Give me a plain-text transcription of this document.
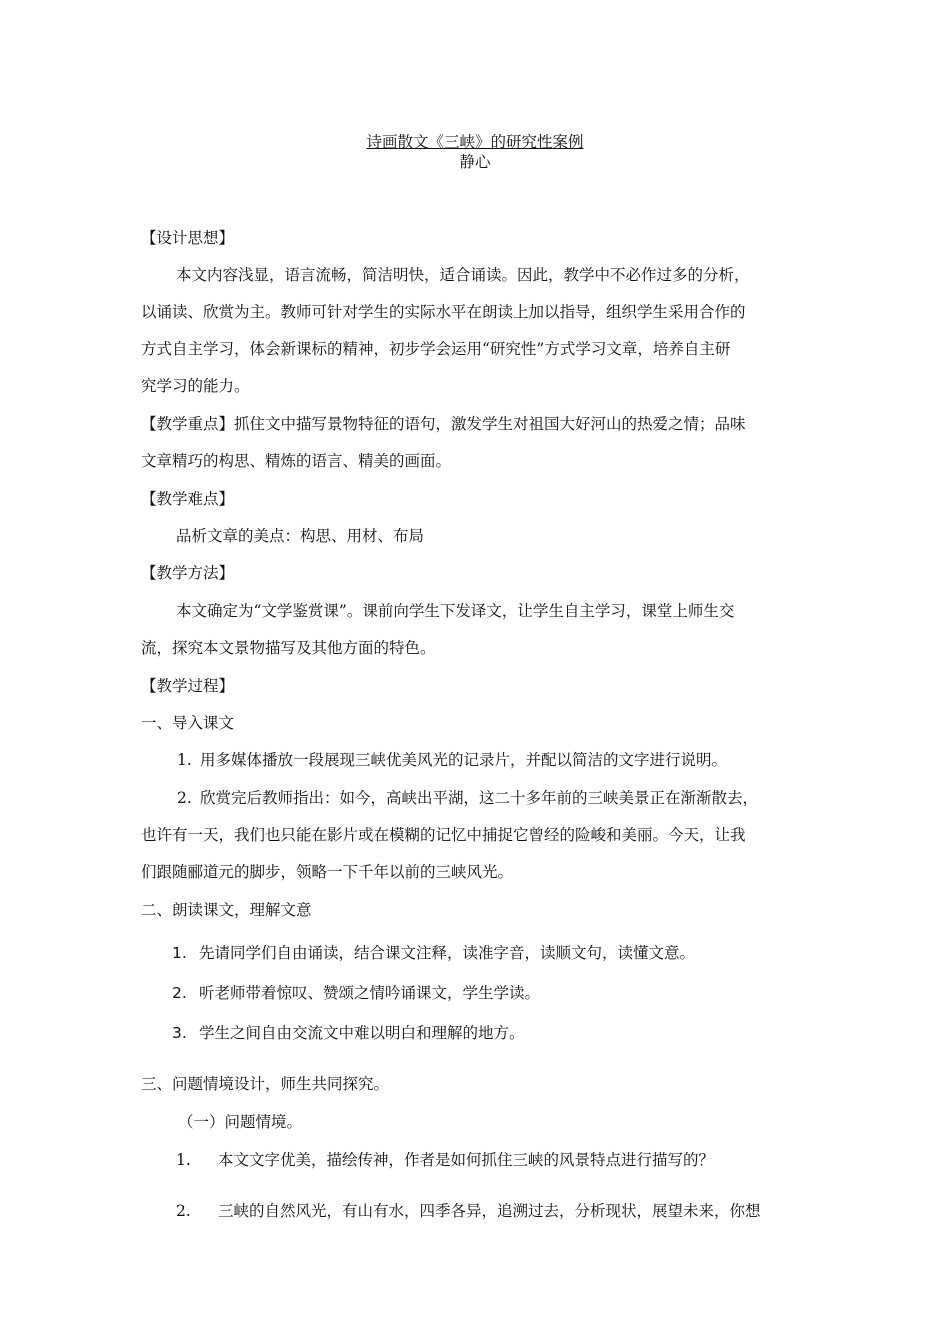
诗画散文《三峡》的研究性案例
静心
【设计思想】
本文内容浅显，语言流畅，简洁明快，适合诵读。因此，教学中不必作过多的分析，
以诵读、欣赏为主。教师可针对学生的实际水平在朗读上加以指导，组织学生采用合作的
方式自主学习，体会新课标的精神，初步学会运用“研究性”方式学习文章，培养自主研
究学习的能力。
【教学重点】抓住文中描写景物特征的语句，激发学生对祖国大好河山的热爱之情；品味
文章精巧的构思、精炼的语言、精美的画面。
【教学难点】
品析文章的美点：构思、用材、布局
【教学方法】
本文确定为“文学鉴赏课”。课前向学生下发译文，让学生自主学习，课堂上师生交
流，探究本文景物描写及其他方面的特色。
【教学过程】
一、导入课文
1. 用多媒体播放一段展现三峡优美风光的记录片，并配以简洁的文字进行说明。
2. 欣赏完后教师指出：如今，高峡出平湖，这二十多年前的三峡美景正在渐渐散去，
也许有一天，我们也只能在影片或在模糊的记忆中捕捉它曾经的险峻和美丽。今天，让我
们跟随郦道元的脚步，领略一下千年以前的三峡风光。
二、朗读课文，理解文意
1. 先请同学们自由诵读，结合课文注释，读准字音，读顺文句，读懂文意。
2. 听老师带着惊叹、赞颂之情吟诵课文，学生学读。
3. 学生之间自由交流文中难以明白和理解的地方。
三、问题情境设计，师生共同探究。
（一）问题情境。
1. 本文文字优美，描绘传神，作者是如何抓住三峡的风景特点进行描写的？
2. 三峡的自然风光，有山有水，四季各异，追溯过去，分析现状，展望未来，你想
